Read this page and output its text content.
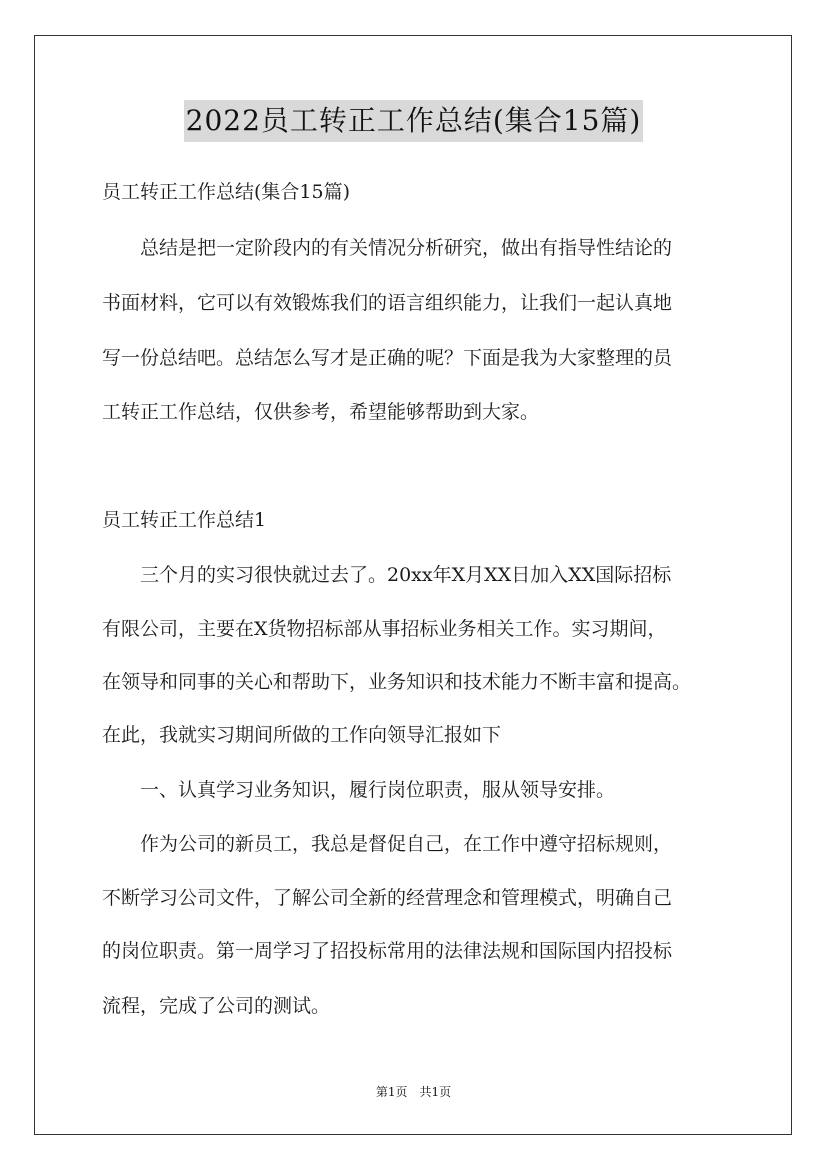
2022员工转正工作总结(集合15篇)
员工转正工作总结(集合15篇)
　　总结是把一定阶段内的有关情况分析研究，做出有指导性结论的
书面材料，它可以有效锻炼我们的语言组织能力，让我们一起认真地
写一份总结吧。总结怎么写才是正确的呢？下面是我为大家整理的员
工转正工作总结，仅供参考，希望能够帮助到大家。
员工转正工作总结1
　　三个月的实习很快就过去了。20xx年X月XX日加入XX国际招标
有限公司，主要在X货物招标部从事招标业务相关工作。实习期间，
在领导和同事的关心和帮助下，业务知识和技术能力不断丰富和提高。
在此，我就实习期间所做的工作向领导汇报如下
　　一、认真学习业务知识，履行岗位职责，服从领导安排。
　　作为公司的新员工，我总是督促自己，在工作中遵守招标规则，
不断学习公司文件，了解公司全新的经营理念和管理模式，明确自己
的岗位职责。第一周学习了招投标常用的法律法规和国际国内招投标
流程，完成了公司的测试。
第1页　共1页
